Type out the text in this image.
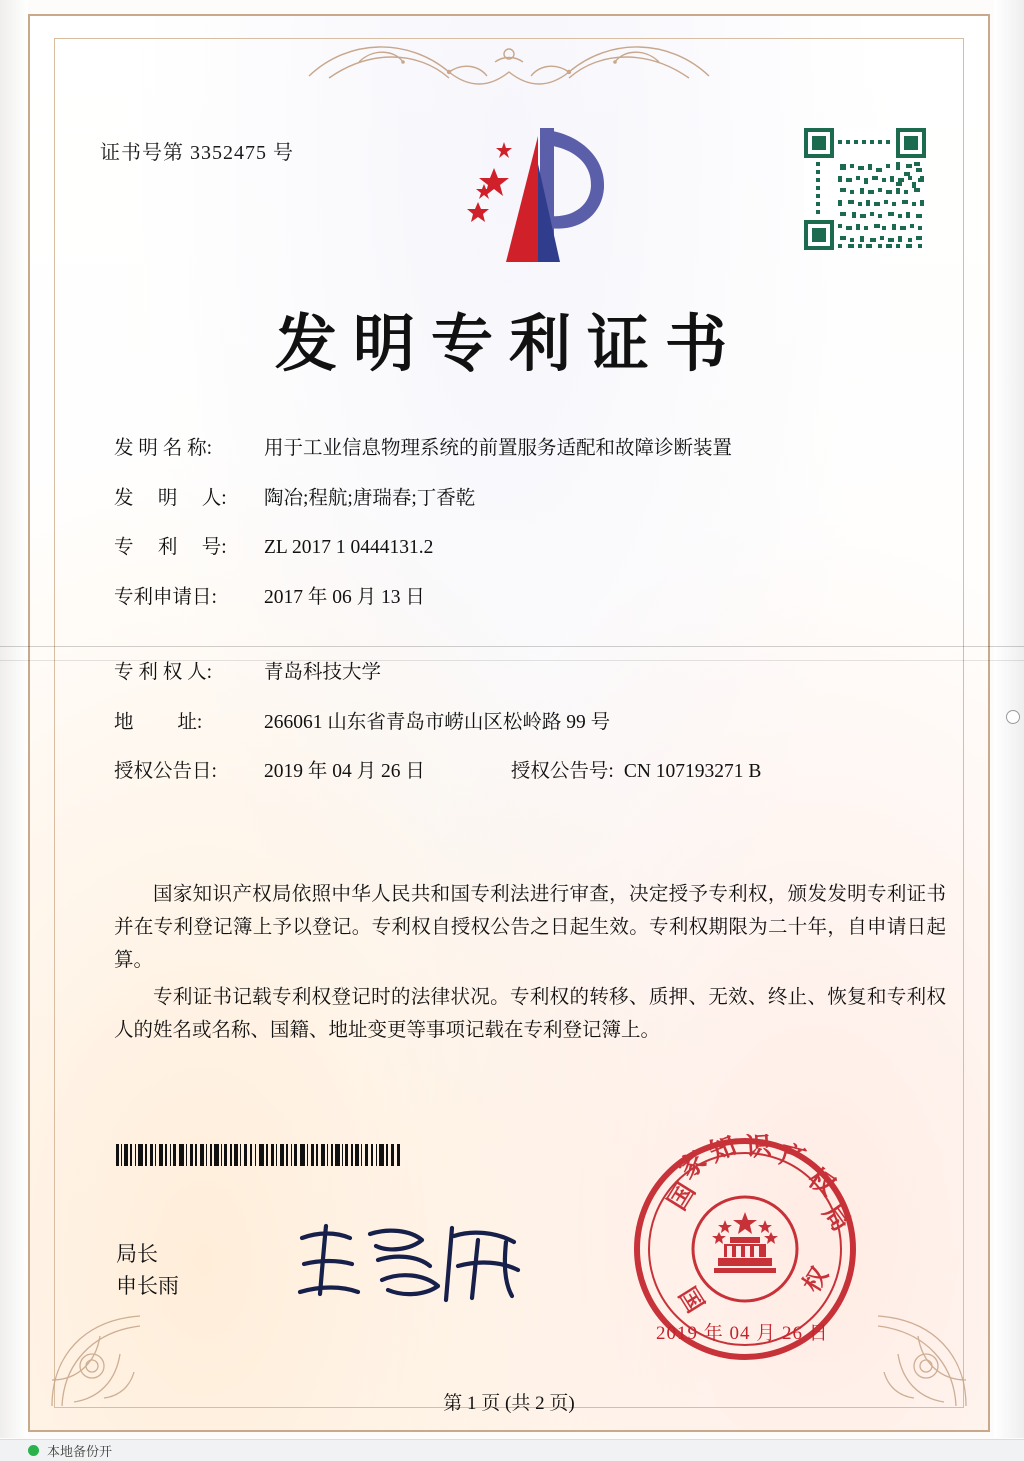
证书号第 3352475 号
发明专利证书
发 明 名 称:	用于工业信息物理系统的前置服务适配和故障诊断装置
发　 明　 人:	陶冶;程航;唐瑞春;丁香乾
专　 利　 号:	ZL 2017 1 0444131.2
专利申请日:	2017 年 06 月 13 日
专 利 权 人:	青岛科技大学
地　　 址:	266061 山东省青岛市崂山区松岭路 99 号
授权公告日:	2019 年 04 月 26 日	授权公告号: CN 107193271 B

国家知识产权局依照中华人民共和国专利法进行审查，决定授予专利权，颁发发明专利证书并在专利登记簿上予以登记。专利权自授权公告之日起生效。专利权期限为二十年，自申请日起算。

专利证书记载专利权登记时的法律状况。专利权的转移、质押、无效、终止、恢复和专利权人的姓名或名称、国籍、地址变更等事项记载在专利登记簿上。

局长
申长雨
国
家
知 识 产
权
局
国
权
2019 年 04 月 26 日
第 1 页 (共 2 页)
本地备份开
